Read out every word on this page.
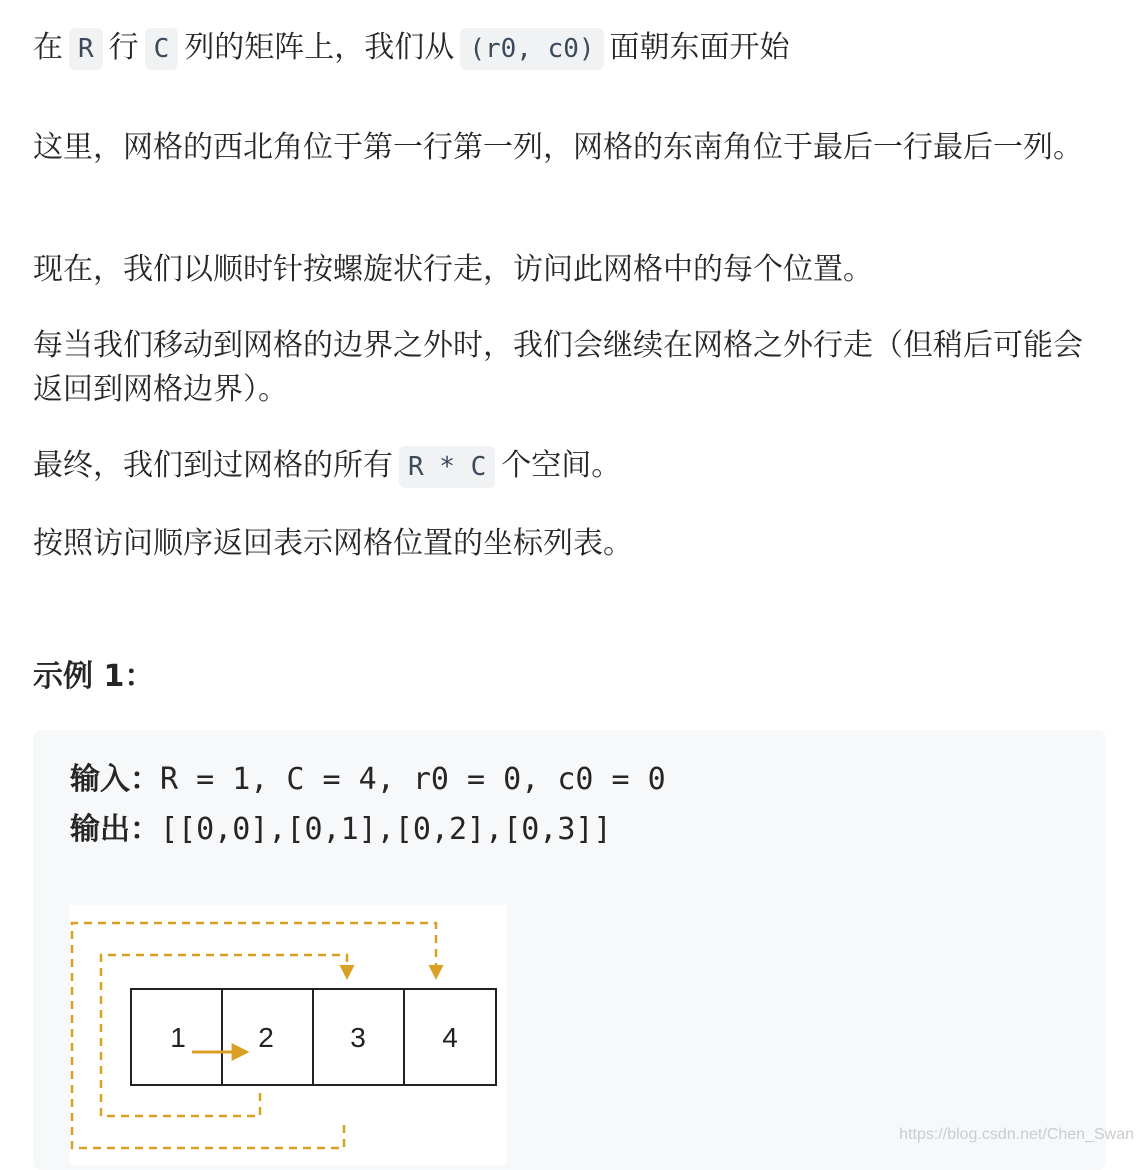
在 R 行 C 列的矩阵上，我们从 (r0, c0) 面朝东面开始

这里，网格的西北角位于第一行第一列，网格的东南角位于最后一行最后一列。

现在，我们以顺时针按螺旋状行走，访问此网格中的每个位置。

每当我们移动到网格的边界之外时，我们会继续在网格之外行走（但稍后可能会返回到网格边界）。

最终，我们到过网格的所有 R * C 个空间。

按照访问顺序返回表示网格位置的坐标列表。

示例 1：
输入：R = 1, C = 4, r0 = 0, c0 = 0
输出：[[0,0],[0,1],[0,2],[0,3]]
1	2	3	4
https://blog.csdn.net/Chen_Swan
